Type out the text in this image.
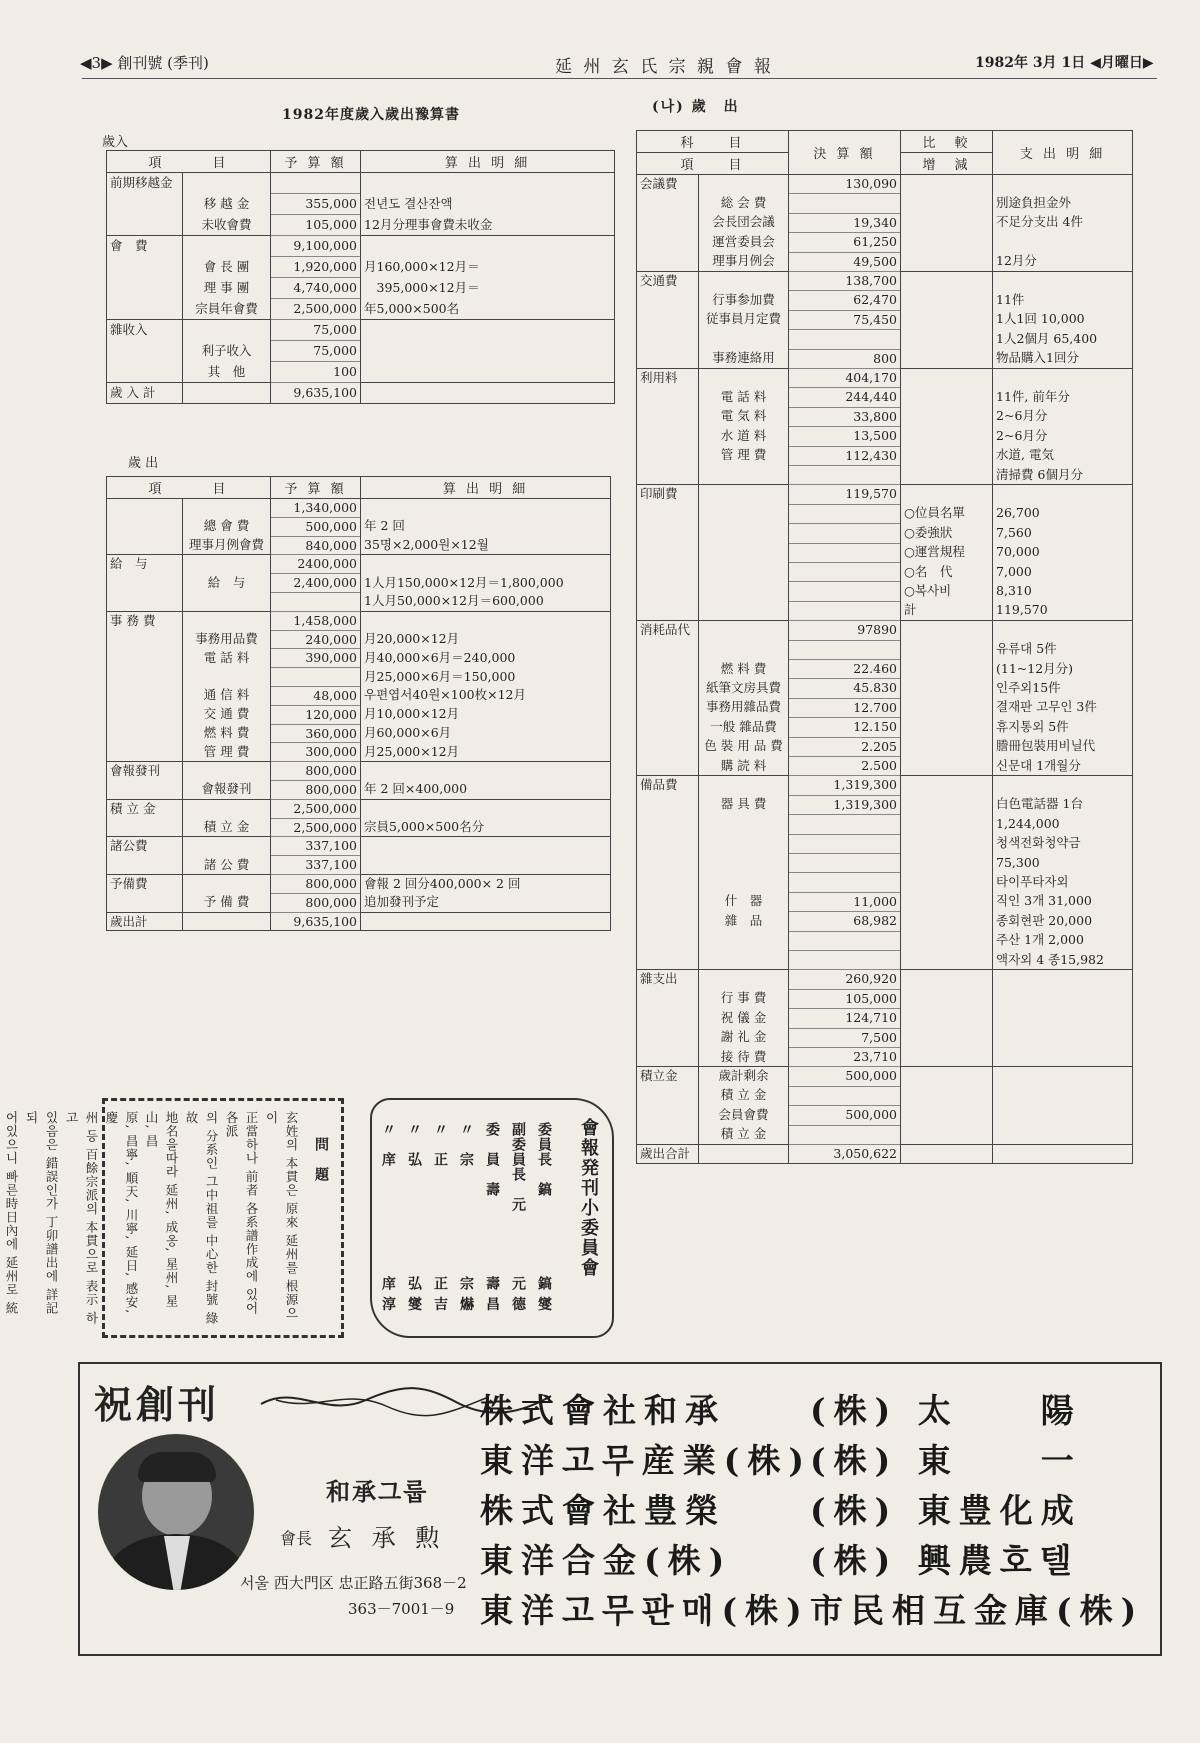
◀3▶ 創刊號 (季刊)	延 州 玄 氏 宗 親 會 報	1982年 3月 1日 ◀月曜日▶
1982年度歲入歲出豫算書
歲入
項　　　目		予 算 額	算 出 明 細
前期移越金			
	移 越 金	355,000	전년도 결산잔액
	未收會費	105,000	12月分理事會費未收金
會　費		9,100,000	
	會 長 團	1,920,000	月160,000×12月＝
	理 事 團	4,740,000	　395,000×12月＝
	宗員年會費	2,500,000	年5,000×500名
雜收入		75,000	
	利子收入	75,000	
	其　他	100	
歲 入 計		9,635,100	
歲 出
項　　　目		予 算 額	算 出 明 細
		1,340,000	
	總 會 費	500,000	年 2 回
	理事月例會費	840,000	35명×2,000원×12월
給　与		2400,000	
	給　与	2,400,000	1人月150,000×12月＝1,800,000
			1人月50,000×12月＝600,000
事 務 費		1,458,000	
	事務用品費	240,000	月20,000×12月
	電 話 料	390,000	月40,000×6月＝240,000
			月25,000×6月＝150,000
	通 信 料	48,000	우편엽서40원×100枚×12月
	交 通 費	120,000	月10,000×12月
	燃 料 費	360,000	月60,000×6月
	管 理 費	300,000	月25,000×12月
會報發刊		800,000	
	會報發刊	800,000	年 2 回×400,000
積 立 金		2,500,000	
	積 立 金	2,500,000	宗員5,000×500名分
諸公費		337,100	
	諸 公 費	337,100	
予備費		800,000	會報 2 回分400,000× 2 回
	予 備 費	800,000	追加發刊予定
歲出計		9,635,100	
(나) 歲　出
科　　目		決 算 額	比　較	支 出 明 細
項　　目			增　減	
会議費		130,090		
	総 会 費			別途負担金外
	会長団会議	19,340		不足分支出 4件
	運営委員会	61,250		
	理事月例会	49,500		12月分
交通費		138,700		
	行事参加費	62,470		11件
	従事員月定費	75,450		1人1回 10,000
				1人2個月 65,400
	事務連絡用	800		物品購入1回分
利用料		404,170		
	電 話 料	244,440		11件, 前年分
	電 気 料	33,800		2~6月分
	水 道 料	13,500		2~6月分
	管 理 費	112,430		水道, 電気
				清掃費 6個月分
印刷費		119,570		
			○位員名單	26,700
			○委強狀	7,560
			○運営規程	70,000
			○名　代	7,000
			○복사비	8,310
			計	119,570
消耗品代		97890		
				유류대 5件
	燃 料 費	22.460		(11~12月分)
	紙筆文房具費	45.830		인주외15件
	事務用雜品費	12.700		결재판 고무인 3件
	一般 雜品費	12.150		휴지통외 5件
	色 裝 用 品 費	2.205		謄冊包裝用비닐代
	購 読 料	2.500		신문대 1개월分
備品費		1,319,300		
	器 具 費	1,319,300		白色電話器 1台
				1,244,000
				청색전화청약금
				75,300
				타이푸타자외
	什　器	11,000		직인 3개 31,000
	雜　品	68,982		종회현판 20,000
				주산 1개 2,000
				액자외 4 종15,982
雜支出		260,920		
	行 事 費	105,000		
	祝 儀 金	124,710		
	謝 礼 金	7,500		
	接 待 費	23,710		
積立金	歲計剩余	500,000		
	積 立 金			
	会員會費	500,000		
	積 立 金			
歲出合計		3,050,622		
問　題
玄姓의 本貫은 原來 延州를 根源으이
正當하나 前者 各系譜作成에 있어 各派
의 分系인 그中祖를 中心한 封號 綠故
地名을따라 延州, 成옹, 星州, 星山, 昌
原, 昌寧, 順天, 川寧, 延日, 感安, 慶
州 등 百餘宗派의 本貫으로 表示 하고
있음은 錯誤인가 丁卯譜出에 詳記 되
어있으니 빠른時日內에 延州로 統
會報発刊小委員會
委員長　鎬
鎬 燮
副委員長　元
元 德
委　員　壽
壽 昌
〃　宗
宗 爀
〃　正
正 吉
〃　弘
弘 燮
〃　庠
庠 淳
祝創刊
和承그룹
會長 玄 承 勲
서울 西大門区 忠正路五街368－2
363－7001－9
株式會社和承
東洋고무産業(株)
株式會社豊榮
東洋合金(株)
東洋고무판매(株)
(株) 太　　陽
(株) 東　　一
(株) 東豊化成
(株) 興農호텔
市民相互金庫(株)
